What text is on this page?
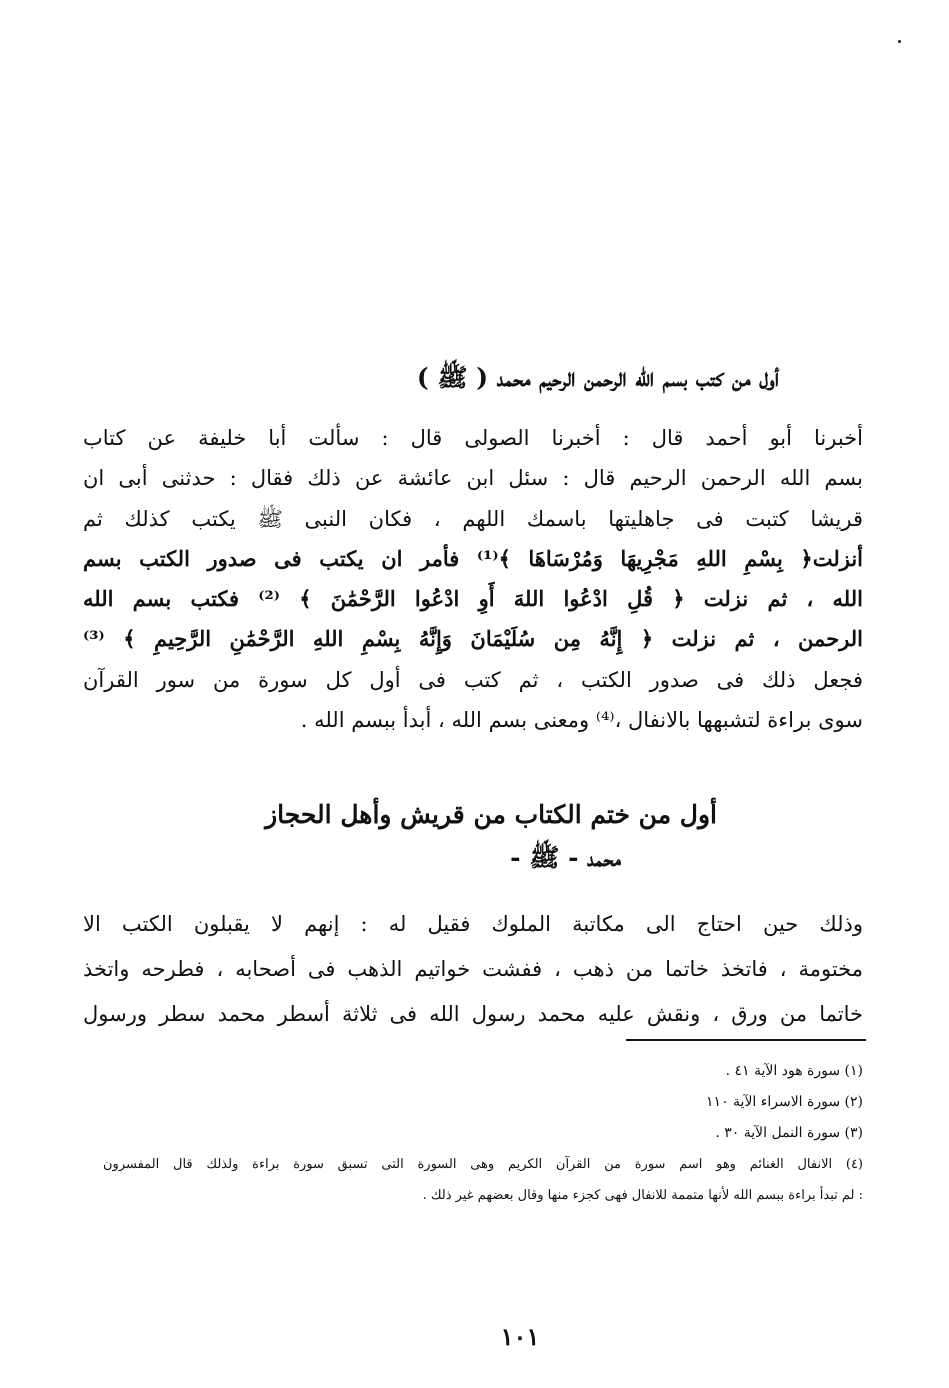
أول من كتب بسم الله الرحمن الرحيم محمد ( ﷺ )
أخبرنا أبو أحمد قال : أخبرنا الصولى قال : سألت أبا خليفة عن كتاب
بسم الله الرحمن الرحيم قال : سئل ابن عائشة عن ذلك فقال : حدثنى أبى ان
قريشا كتبت فى جاهليتها باسمك اللهم ، فكان النبى ﷺ يكتب كذلك ثم
أنزلت﴿ بِسْمِ اللهِ مَجْرِيهَا وَمُرْسَاهَا ﴾⁽¹⁾ فأمر ان يكتب فى صدور الكتب بسم
الله ، ثم نزلت ﴿ قُلِ ادْعُوا اللهَ أَوِ ادْعُوا الرَّحْمَٰنَ ﴾ ⁽²⁾ فكتب بسم الله
الرحمن ، ثم نزلت ﴿ إِنَّهُ مِن سُلَيْمَانَ وَإِنَّهُ بِسْمِ اللهِ الرَّحْمَٰنِ الرَّحِيمِ ﴾ ⁽³⁾
فجعل ذلك فى صدور الكتب ، ثم كتب فى أول كل سورة من سور القرآن
سوى براءة لتشبهها بالانفال ،⁽⁴⁾ ومعنى بسم الله ، أبدأ ببسم الله .
أول من ختم الكتاب من قريش وأهل الحجاز
محمد - ﷺ -
وذلك حين احتاج الى مكاتبة الملوك فقيل له : إنهم لا يقبلون الكتب الا
مختومة ، فاتخذ خاتما من ذهب ، ففشت خواتيم الذهب فى أصحابه ، فطرحه واتخذ
خاتما من ورق ، ونقش عليه محمد رسول الله فى ثلاثة أسطر محمد سطر ورسول
(١) سورة هود الآية ٤١ .
(٢) سورة الاسراء الآية ١١٠
(٣) سورة النمل الآية ٣٠ .
(٤) الانفال الغنائم وهو اسم سورة من القرآن الكريم وهى السورة التى تسبق سورة براءة ولذلك قال المفسرون
: لم تبدأ براءة ببسم الله لأنها متممة للانفال فهى كجزء منها وقال بعضهم غير ذلك .
١٠١
